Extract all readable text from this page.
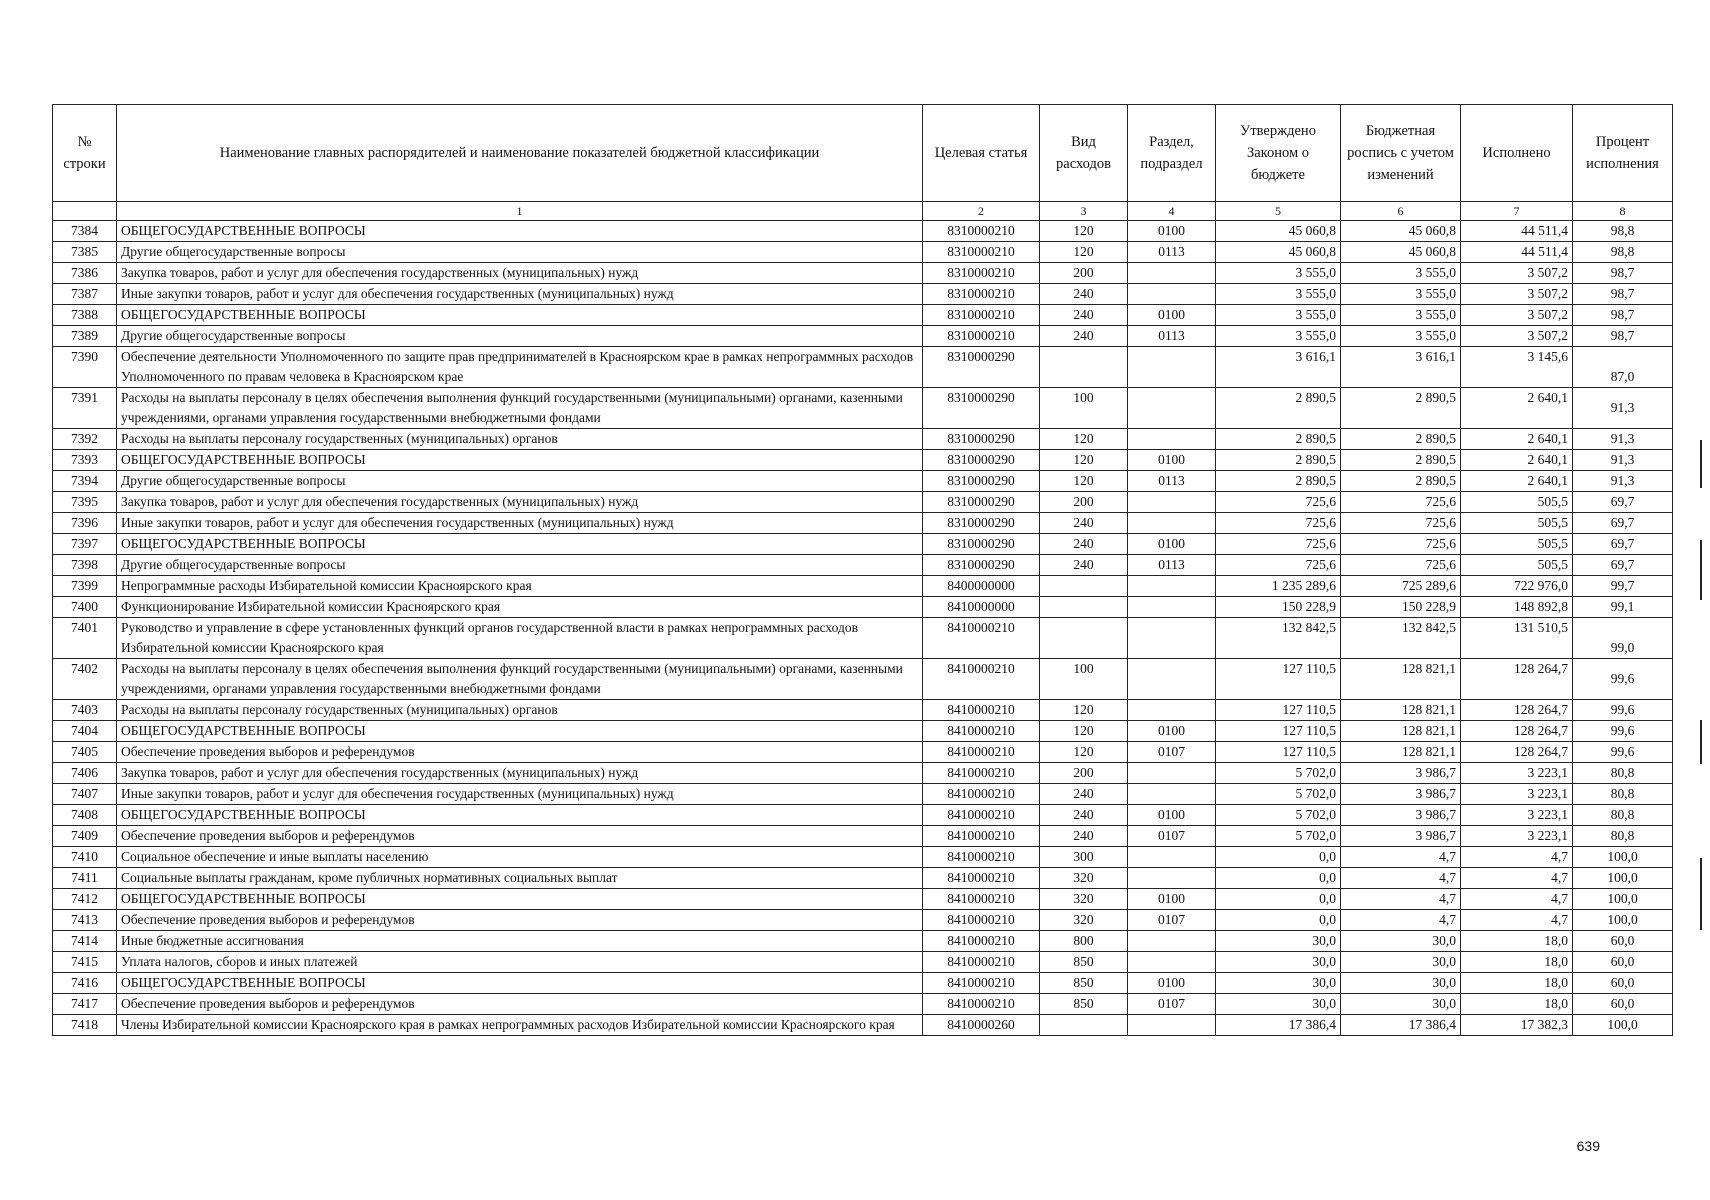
№ строки	Наименование главных распорядителей и наименование показателей бюджетной классификации	Целевая статья	Вид расходов	Раздел, подраздел	Утверждено Законом о бюджете	Бюджетная роспись с учетом изменений	Исполнено	Процент исполнения
	1	2	3	4	5	6	7	8
7384	ОБЩЕГОСУДАРСТВЕННЫЕ ВОПРОСЫ	8310000210	120	0100	45 060,8	45 060,8	44 511,4	98,8
7385	Другие общегосударственные вопросы	8310000210	120	0113	45 060,8	45 060,8	44 511,4	98,8
7386	Закупка товаров, работ и услуг для обеспечения государственных (муниципальных) нужд	8310000210	200		3 555,0	3 555,0	3 507,2	98,7
7387	Иные закупки товаров, работ и услуг для обеспечения государственных (муниципальных) нужд	8310000210	240		3 555,0	3 555,0	3 507,2	98,7
7388	ОБЩЕГОСУДАРСТВЕННЫЕ ВОПРОСЫ	8310000210	240	0100	3 555,0	3 555,0	3 507,2	98,7
7389	Другие общегосударственные вопросы	8310000210	240	0113	3 555,0	3 555,0	3 507,2	98,7
7390	Обеспечение деятельности Уполномоченного по защите прав предпринимателей в Красноярском крае в рамках непрограммных расходов Уполномоченного по правам человека в Красноярском крае	8310000290			3 616,1	3 616,1	3 145,6	87,0
7391	Расходы на выплаты персоналу в целях обеспечения выполнения функций государственными (муниципальными) органами, казенными учреждениями, органами управления государственными внебюджетными фондами	8310000290	100		2 890,5	2 890,5	2 640,1	91,3
7392	Расходы на выплаты персоналу государственных (муниципальных) органов	8310000290	120		2 890,5	2 890,5	2 640,1	91,3
7393	ОБЩЕГОСУДАРСТВЕННЫЕ ВОПРОСЫ	8310000290	120	0100	2 890,5	2 890,5	2 640,1	91,3
7394	Другие общегосударственные вопросы	8310000290	120	0113	2 890,5	2 890,5	2 640,1	91,3
7395	Закупка товаров, работ и услуг для обеспечения государственных (муниципальных) нужд	8310000290	200		725,6	725,6	505,5	69,7
7396	Иные закупки товаров, работ и услуг для обеспечения государственных (муниципальных) нужд	8310000290	240		725,6	725,6	505,5	69,7
7397	ОБЩЕГОСУДАРСТВЕННЫЕ ВОПРОСЫ	8310000290	240	0100	725,6	725,6	505,5	69,7
7398	Другие общегосударственные вопросы	8310000290	240	0113	725,6	725,6	505,5	69,7
7399	Непрограммные расходы Избирательной комиссии Красноярского края	8400000000			1 235 289,6	725 289,6	722 976,0	99,7
7400	Функционирование Избирательной комиссии Красноярского края	8410000000			150 228,9	150 228,9	148 892,8	99,1
7401	Руководство и управление в сфере установленных функций органов государственной власти в рамках непрограммных расходов Избирательной комиссии Красноярского края	8410000210			132 842,5	132 842,5	131 510,5	99,0
7402	Расходы на выплаты персоналу в целях обеспечения выполнения функций государственными (муниципальными) органами, казенными учреждениями, органами управления государственными внебюджетными фондами	8410000210	100		127 110,5	128 821,1	128 264,7	99,6
7403	Расходы на выплаты персоналу государственных (муниципальных) органов	8410000210	120		127 110,5	128 821,1	128 264,7	99,6
7404	ОБЩЕГОСУДАРСТВЕННЫЕ ВОПРОСЫ	8410000210	120	0100	127 110,5	128 821,1	128 264,7	99,6
7405	Обеспечение проведения выборов и референдумов	8410000210	120	0107	127 110,5	128 821,1	128 264,7	99,6
7406	Закупка товаров, работ и услуг для обеспечения государственных (муниципальных) нужд	8410000210	200		5 702,0	3 986,7	3 223,1	80,8
7407	Иные закупки товаров, работ и услуг для обеспечения государственных (муниципальных) нужд	8410000210	240		5 702,0	3 986,7	3 223,1	80,8
7408	ОБЩЕГОСУДАРСТВЕННЫЕ ВОПРОСЫ	8410000210	240	0100	5 702,0	3 986,7	3 223,1	80,8
7409	Обеспечение проведения выборов и референдумов	8410000210	240	0107	5 702,0	3 986,7	3 223,1	80,8
7410	Социальное обеспечение и иные выплаты населению	8410000210	300		0,0	4,7	4,7	100,0
7411	Социальные выплаты гражданам, кроме публичных нормативных социальных выплат	8410000210	320		0,0	4,7	4,7	100,0
7412	ОБЩЕГОСУДАРСТВЕННЫЕ ВОПРОСЫ	8410000210	320	0100	0,0	4,7	4,7	100,0
7413	Обеспечение проведения выборов и референдумов	8410000210	320	0107	0,0	4,7	4,7	100,0
7414	Иные бюджетные ассигнования	8410000210	800		30,0	30,0	18,0	60,0
7415	Уплата налогов, сборов и иных платежей	8410000210	850		30,0	30,0	18,0	60,0
7416	ОБЩЕГОСУДАРСТВЕННЫЕ ВОПРОСЫ	8410000210	850	0100	30,0	30,0	18,0	60,0
7417	Обеспечение проведения выборов и референдумов	8410000210	850	0107	30,0	30,0	18,0	60,0
7418	Члены Избирательной комиссии Красноярского края в рамках непрограммных расходов Избирательной комиссии Красноярского края	8410000260			17 386,4	17 386,4	17 382,3	100,0
639
